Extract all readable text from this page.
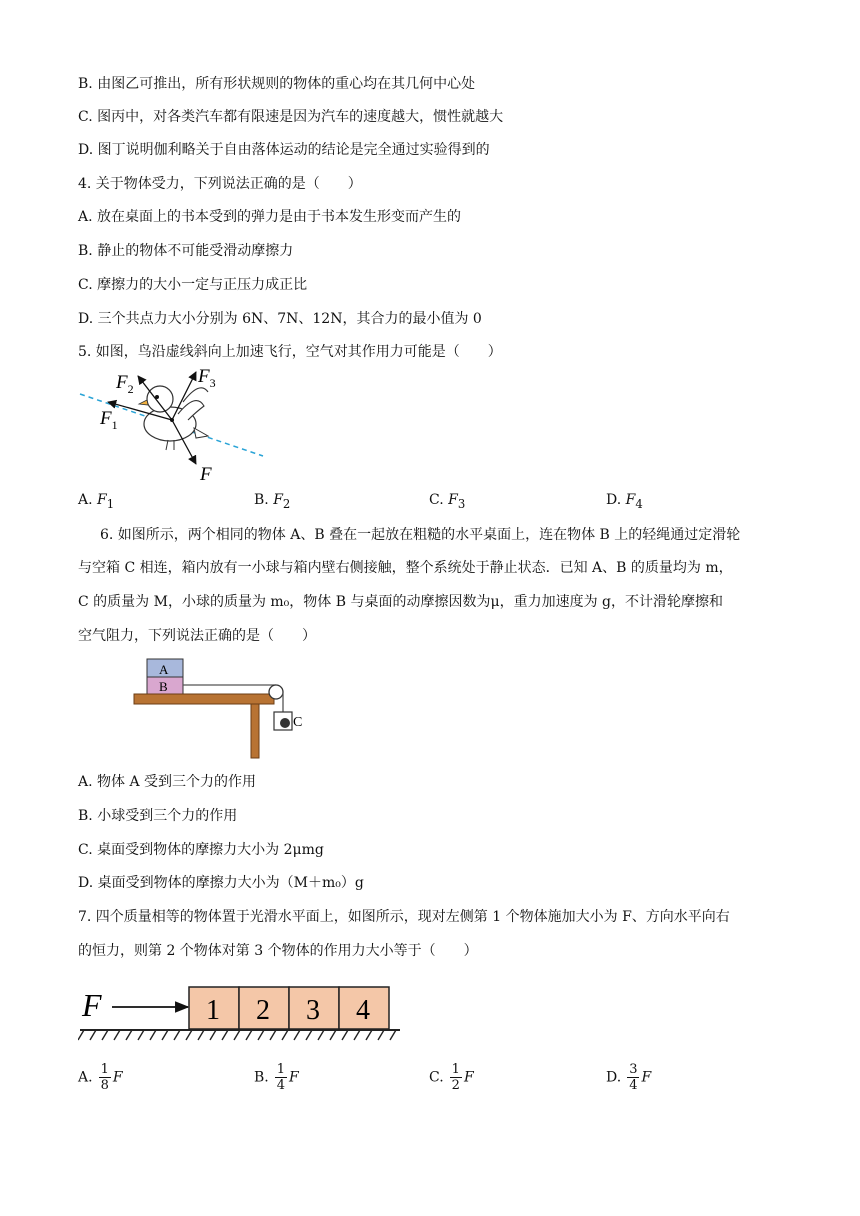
B. 由图乙可推出，所有形状规则的物体的重心均在其几何中心处
C. 图丙中，对各类汽车都有限速是因为汽车的速度越大，惯性就越大
D. 图丁说明伽利略关于自由落体运动的结论是完全通过实验得到的
4. 关于物体受力，下列说法正确的是（　　）
A. 放在桌面上的书本受到的弹力是由于书本发生形变而产生的
B. 静止的物体不可能受滑动摩擦力
C. 摩擦力的大小一定与正压力成正比
D. 三个共点力大小分别为 6N、7N、12N，其合力的最小值为 0
5. 如图，鸟沿虚线斜向上加速飞行，空气对其作用力可能是（　　）
$F_1$
$F_2$
$F_3$
F
A. $F_1$	B. $F_2$	C. $F_3$	D. $F_4$
6. 如图所示，两个相同的物体 A、B 叠在一起放在粗糙的水平桌面上，连在物体 B 上的轻绳通过定滑轮
与空箱 C 相连，箱内放有一小球与箱内壁右侧接触，整个系统处于静止状态．已知 A、B 的质量均为 m，
C 的质量为 M，小球的质量为 m₀，物体 B 与桌面的动摩擦因数为μ，重力加速度为 g，不计滑轮摩擦和
空气阻力，下列说法正确的是（　　）
A
B
C
A. 物体 A 受到三个力的作用
B. 小球受到三个力的作用
C. 桌面受到物体的摩擦力大小为 2μmg
D. 桌面受到物体的摩擦力大小为（M＋m₀）g
7. 四个质量相等的物体置于光滑水平面上，如图所示，现对左侧第 1 个物体施加大小为 F、方向水平向右
的恒力，则第 2 个物体对第 3 个物体的作用力大小等于（　　）
F	1 2 3 4
A. $\frac{1}{8}$ F	B. $\frac{1}{4}$ F	C. $\frac{1}{2}$ F	D. $\frac{3}{4}$ F
